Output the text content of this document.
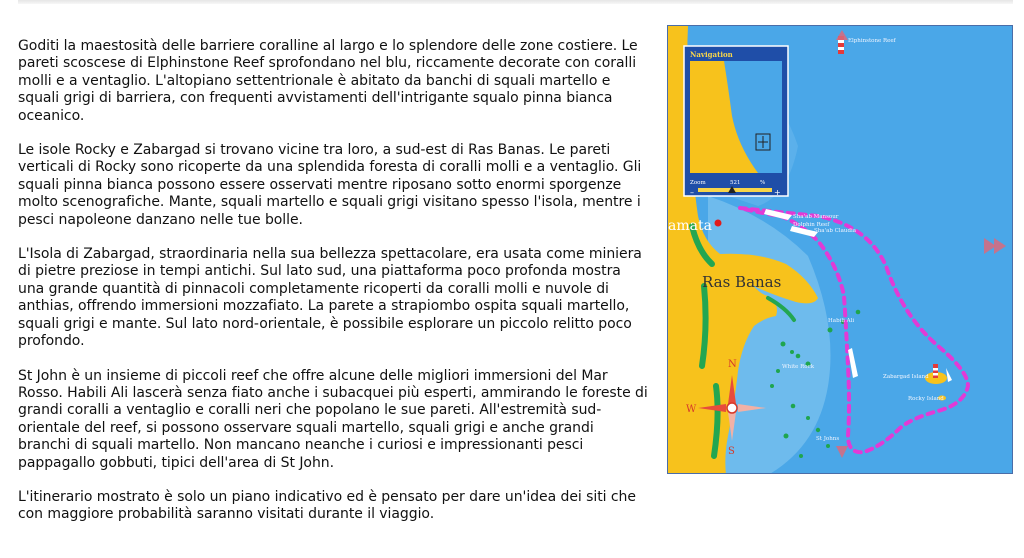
Goditi la maestosità delle barriere coralline al largo e lo splendore delle zone costiere. Le pareti scoscese di Elphinstone Reef sprofondano nel blu, riccamente decorate con coralli molli e a ventaglio. L'altopiano settentrionale è abitato da banchi di squali martello e squali grigi di barriera, con frequenti avvistamenti dell'intrigante squalo pinna bianca oceanico.

Le isole Rocky e Zabargad si trovano vicine tra loro, a sud-est di Ras Banas. Le pareti verticali di Rocky sono ricoperte da una splendida foresta di coralli molli e a ventaglio. Gli squali pinna bianca possono essere osservati mentre riposano sotto enormi sporgenze molto scenografiche. Mante, squali martello e squali grigi visitano spesso l'isola, mentre i pesci napoleone danzano nelle tue bolle.

L'Isola di Zabargad, straordinaria nella sua bellezza spettacolare, era usata come miniera di pietre preziose in tempi antichi. Sul lato sud, una piattaforma poco profonda mostra una grande quantità di pinnacoli completamente ricoperti da coralli molli e nuvole di anthias, offrendo immersioni mozzafiato. La parete a strapiombo ospita squali martello, squali grigi e mante. Sul lato nord-orientale, è possibile esplorare un piccolo relitto poco profondo.

St John è un insieme di piccoli reef che offre alcune delle migliori immersioni del Mar Rosso. Habili Ali lascerà senza fiato anche i subacquei più esperti, ammirando le foreste di grandi coralli a ventaglio e coralli neri che popolano le sue pareti. All'estremità sud-orientale del reef, si possono osservare squali martello, squali grigi e anche grandi branchi di squali martello. Non mancano neanche i curiosi e impressionanti pesci pappagallo gobbuti, tipici dell'area di St John.

L'itinerario mostrato è solo un piano indicativo ed è pensato per dare un'idea dei siti che con maggiore probabilità saranno visitati durante il viaggio.

Elphinstone Reef
Sha'ab Mansour
Dolphin Reef
Sha'ab Claudia
Habili Ali
White Rock
Zabargad Island
Rocky Island
St Johns
amata
Ras Banas
N
S
W
Navigation
Zoom	521	%
–	+
